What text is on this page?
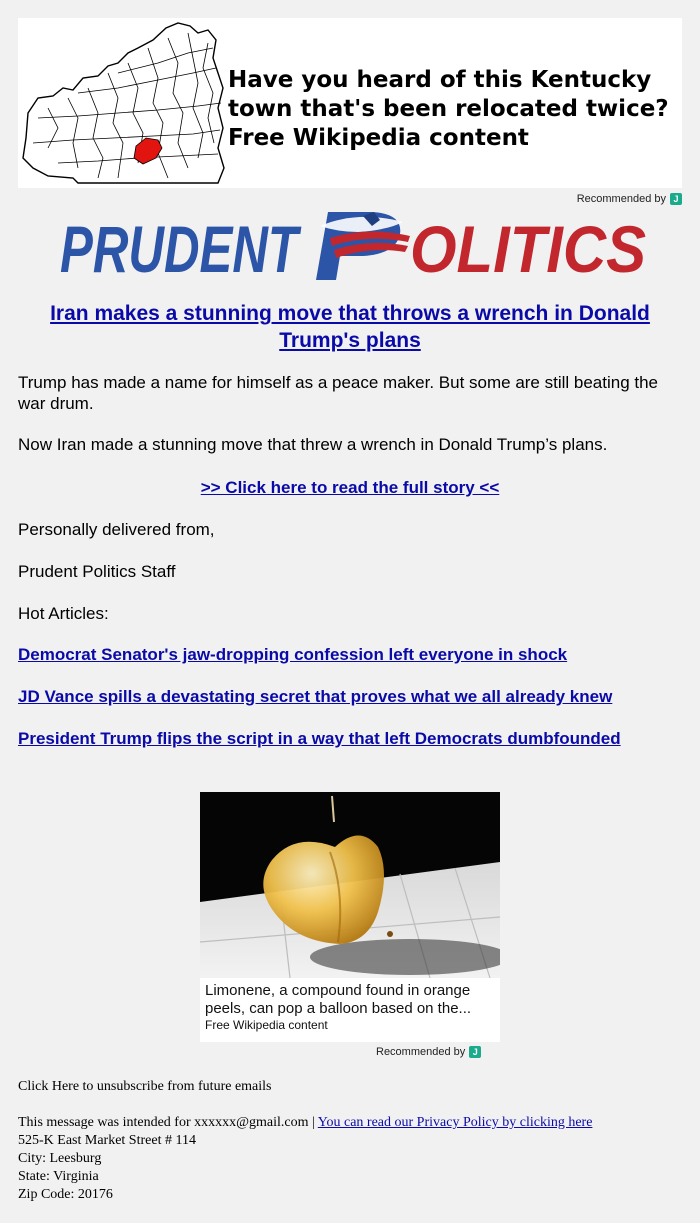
Have you heard of this Kentucky town that's been relocated twice?
Free Wikipedia content
Recommended by J
PRUDENT OLITICS
Iran makes a stunning move that throws a wrench in Donald Trump's plans
Trump has made a name for himself as a peace maker. But some are still beating the war drum.
Now Iran made a stunning move that threw a wrench in Donald Trump’s plans.
>> Click here to read the full story <<
Personally delivered from,
Prudent Politics Staff
Hot Articles:
Democrat Senator's jaw-dropping confession left everyone in shock
JD Vance spills a devastating secret that proves what we all already knew
President Trump flips the script in a way that left Democrats dumbfounded
Limonene, a compound found in orange peels, can pop a balloon based on the...
Free Wikipedia content
Recommended by J
Click Here to unsubscribe from future emails
This message was intended for xxxxxx@gmail.com | You can read our Privacy Policy by clicking here
525-K East Market Street # 114
City: Leesburg
State: Virginia
Zip Code: 20176
